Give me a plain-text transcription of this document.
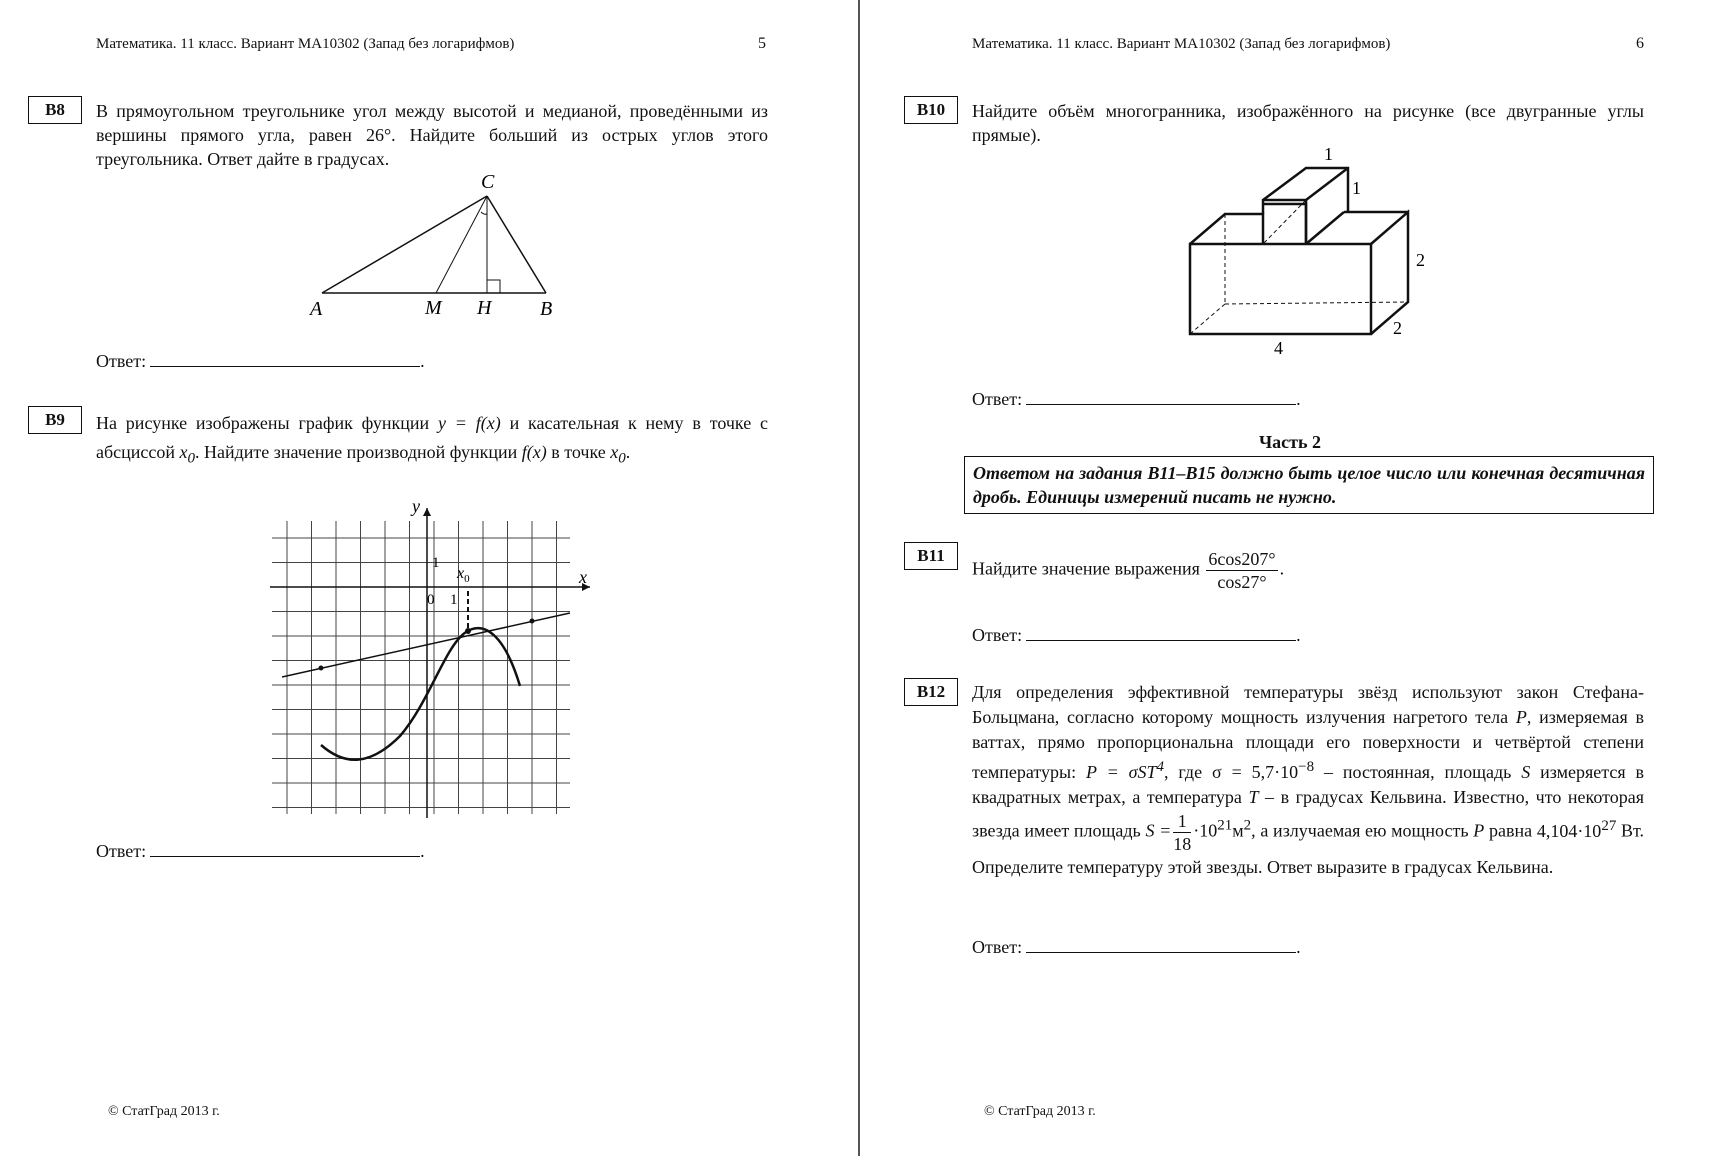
Математика. 11 класс. Вариант МА10302 (Запад без логарифмов)	5
B8	В прямоугольном треугольнике угол между высотой и медианой, проведёнными из вершины прямого угла, равен 26°. Найдите больший из острых углов этого треугольника. Ответ дайте в градусах.
C
A	M H B
Ответ:	.
B9	На рисунке изображены график функции y = f(x) и касательная к нему в точке с абсциссой $x_0$. Найдите значение производной функции f(x) в точке $x_0$.
y
x
1
0 1
$x_0$
Ответ:	.
© СтатГрад 2013 г.
Математика. 11 класс. Вариант МА10302 (Запад без логарифмов)	6
B10	Найдите объём многогранника, изображённого на рисунке (все двугранные углы прямые).
1
1
2
2
4
Ответ:	.
Часть 2
Ответом на задания B11–B15 должно быть целое число или конечная десятичная дробь. Единицы измерений писать не нужно.
B11
Найдите значение выражения $\frac{6\cos 207^\circ}{\cos 27^\circ}$ .
Ответ:	.
B12	Для определения эффективной температуры звёзд используют закон Стефана-Больцмана, согласно которому мощность излучения нагретого тела P, измеряемая в ваттах, прямо пропорциональна площади его поверхности и четвёртой степени температуры: P = σST$^4$, где $\sigma = 5,7\cdot 10^{-8}$ – постоянная, площадь S измеряется в квадратных метрах, а температура T – в градусах Кельвина. Известно, что некоторая звезда имеет площадь $S = \frac{1}{18} \cdot 10^{21}м^2$, а излучаемая ею мощность P равна $4,104\cdot 10^{27}$ Вт. Определите температуру этой звезды. Ответ выразите в градусах Кельвина.
Ответ:	.
© СтатГрад 2013 г.
